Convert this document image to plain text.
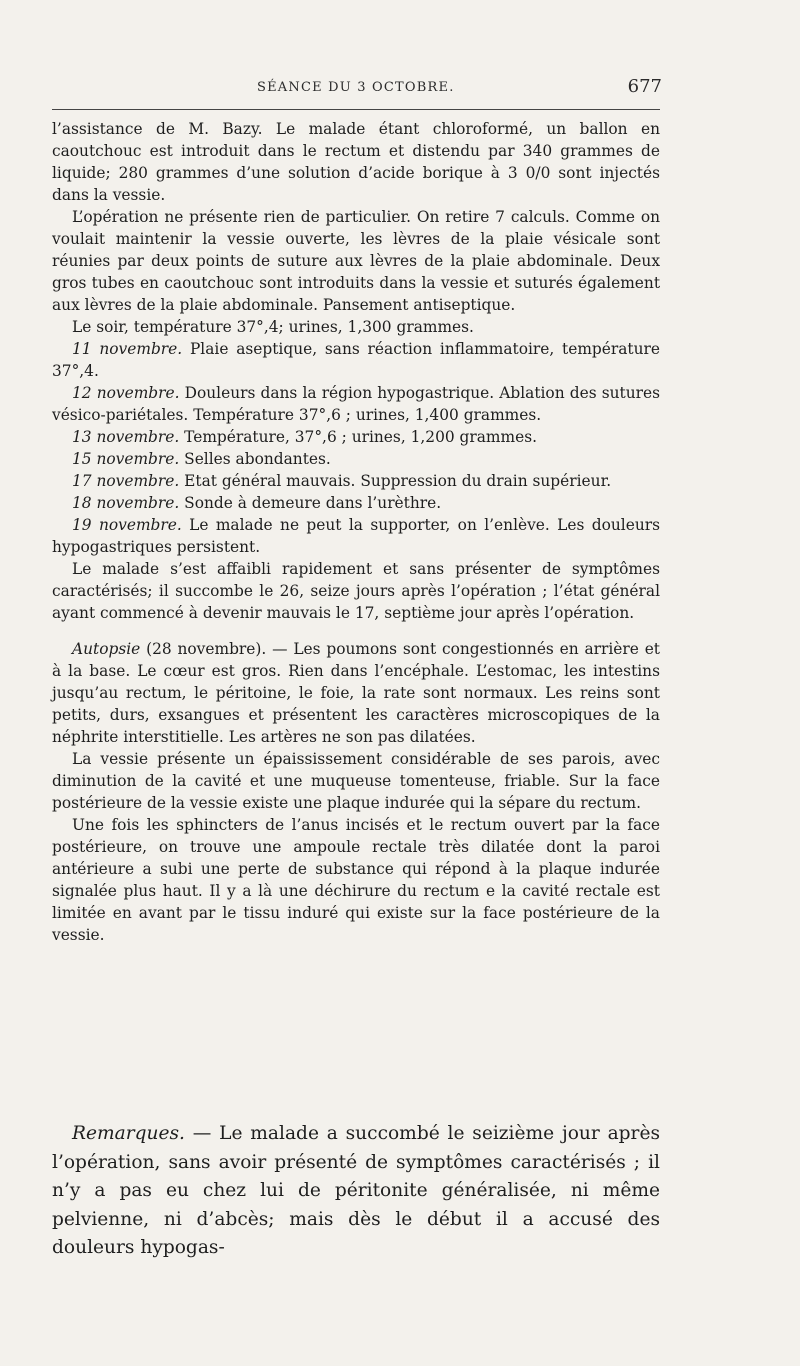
SÉANCE DU 3 OCTOBRE.	677

l’assistance de M. Bazy. Le malade étant chloroformé, un ballon en caoutchouc est introduit dans le rectum et distendu par 340 grammes de liquide; 280 grammes d’une solution d’acide borique à 3 0/0 sont injectés dans la vessie.

L’opération ne présente rien de particulier. On retire 7 calculs. Comme on voulait maintenir la vessie ouverte, les lèvres de la plaie vésicale sont réunies par deux points de suture aux lèvres de la plaie abdominale. Deux gros tubes en caoutchouc sont introduits dans la vessie et suturés également aux lèvres de la plaie abdominale. Pansement antiseptique.

Le soir, température 37°,4; urines, 1,300 grammes.

11 novembre. Plaie aseptique, sans réaction inflammatoire, température 37°,4.

12 novembre. Douleurs dans la région hypogastrique. Ablation des sutures vésico-pariétales. Température 37°,6 ; urines, 1,400 grammes.

13 novembre. Température, 37°,6 ; urines, 1,200 grammes.

15 novembre. Selles abondantes.

17 novembre. Etat général mauvais. Suppression du drain supérieur.

18 novembre. Sonde à demeure dans l’urèthre.

19 novembre. Le malade ne peut la supporter, on l’enlève. Les douleurs hypogastriques persistent.

Le malade s’est affaibli rapidement et sans présenter de symptômes caractérisés; il succombe le 26, seize jours après l’opération ; l’état général ayant commencé à devenir mauvais le 17, septième jour après l’opération.

Autopsie (28 novembre). — Les poumons sont congestionnés en arrière et à la base. Le cœur est gros. Rien dans l’encéphale. L’estomac, les intestins jusqu’au rectum, le péritoine, le foie, la rate sont normaux. Les reins sont petits, durs, exsangues et présentent les caractères microscopiques de la néphrite interstitielle. Les artères ne son pas dilatées.

La vessie présente un épaississement considérable de ses parois, avec diminution de la cavité et une muqueuse tomenteuse, friable. Sur la face postérieure de la vessie existe une plaque indurée qui la sépare du rectum.

Une fois les sphincters de l’anus incisés et le rectum ouvert par la face postérieure, on trouve une ampoule rectale très dilatée dont la paroi antérieure a subi une perte de substance qui répond à la plaque indurée signalée plus haut. Il y a là une déchirure du rectum e la cavité rectale est limitée en avant par le tissu induré qui existe sur la face postérieure de la vessie.

Remarques. — Le malade a succombé le seizième jour après l’opération, sans avoir présenté de symptômes caractérisés ; il n’y a pas eu chez lui de péritonite généralisée, ni même pelvienne, ni d’abcès; mais dès le début il a accusé des douleurs hypogas-
